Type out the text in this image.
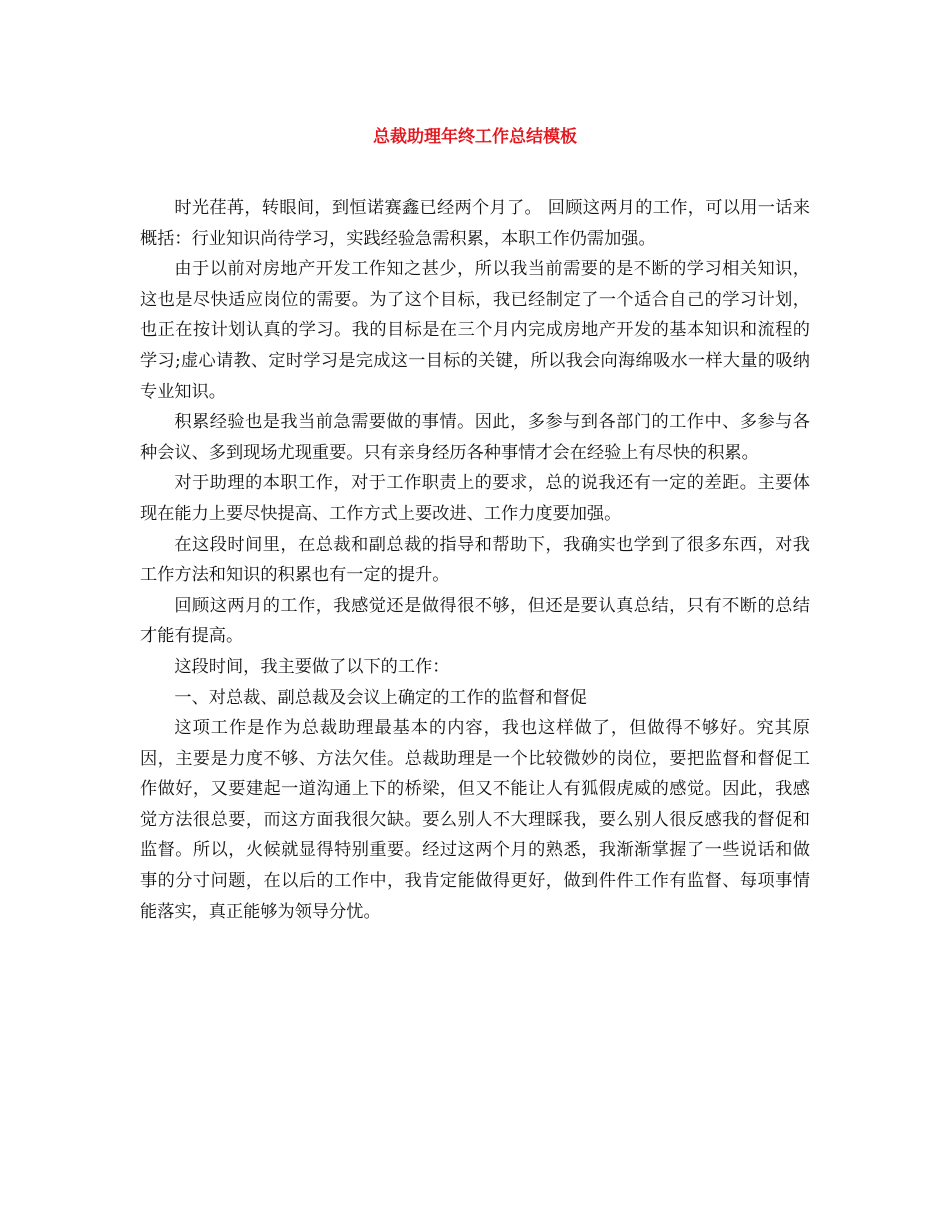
总裁助理年终工作总结模板

时光荏苒，转眼间，到恒诺赛鑫已经两个月了。 回顾这两月的工作，可以用一话来概括：行业知识尚待学习，实践经验急需积累，本职工作仍需加强。

由于以前对房地产开发工作知之甚少，所以我当前需要的是不断的学习相关知识，这也是尽快适应岗位的需要。为了这个目标，我已经制定了一个适合自己的学习计划，也正在按计划认真的学习。我的目标是在三个月内完成房地产开发的基本知识和流程的学习;虚心请教、定时学习是完成这一目标的关键，所以我会向海绵吸水一样大量的吸纳专业知识。

积累经验也是我当前急需要做的事情。因此，多参与到各部门的工作中、多参与各种会议、多到现场尤现重要。只有亲身经历各种事情才会在经验上有尽快的积累。

对于助理的本职工作，对于工作职责上的要求，总的说我还有一定的差距。主要体现在能力上要尽快提高、工作方式上要改进、工作力度要加强。

在这段时间里，在总裁和副总裁的指导和帮助下，我确实也学到了很多东西，对我工作方法和知识的积累也有一定的提升。

回顾这两月的工作，我感觉还是做得很不够，但还是要认真总结，只有不断的总结才能有提高。

这段时间，我主要做了以下的工作：

一、对总裁、副总裁及会议上确定的工作的监督和督促

这项工作是作为总裁助理最基本的内容，我也这样做了，但做得不够好。究其原因，主要是力度不够、方法欠佳。总裁助理是一个比较微妙的岗位，要把监督和督促工作做好，又要建起一道沟通上下的桥梁，但又不能让人有狐假虎威的感觉。因此，我感觉方法很总要，而这方面我很欠缺。要么别人不大理睬我，要么别人很反感我的督促和监督。所以，火候就显得特别重要。经过这两个月的熟悉，我渐渐掌握了一些说话和做事的分寸问题，在以后的工作中，我肯定能做得更好，做到件件工作有监督、每项事情能落实，真正能够为领导分忧。
